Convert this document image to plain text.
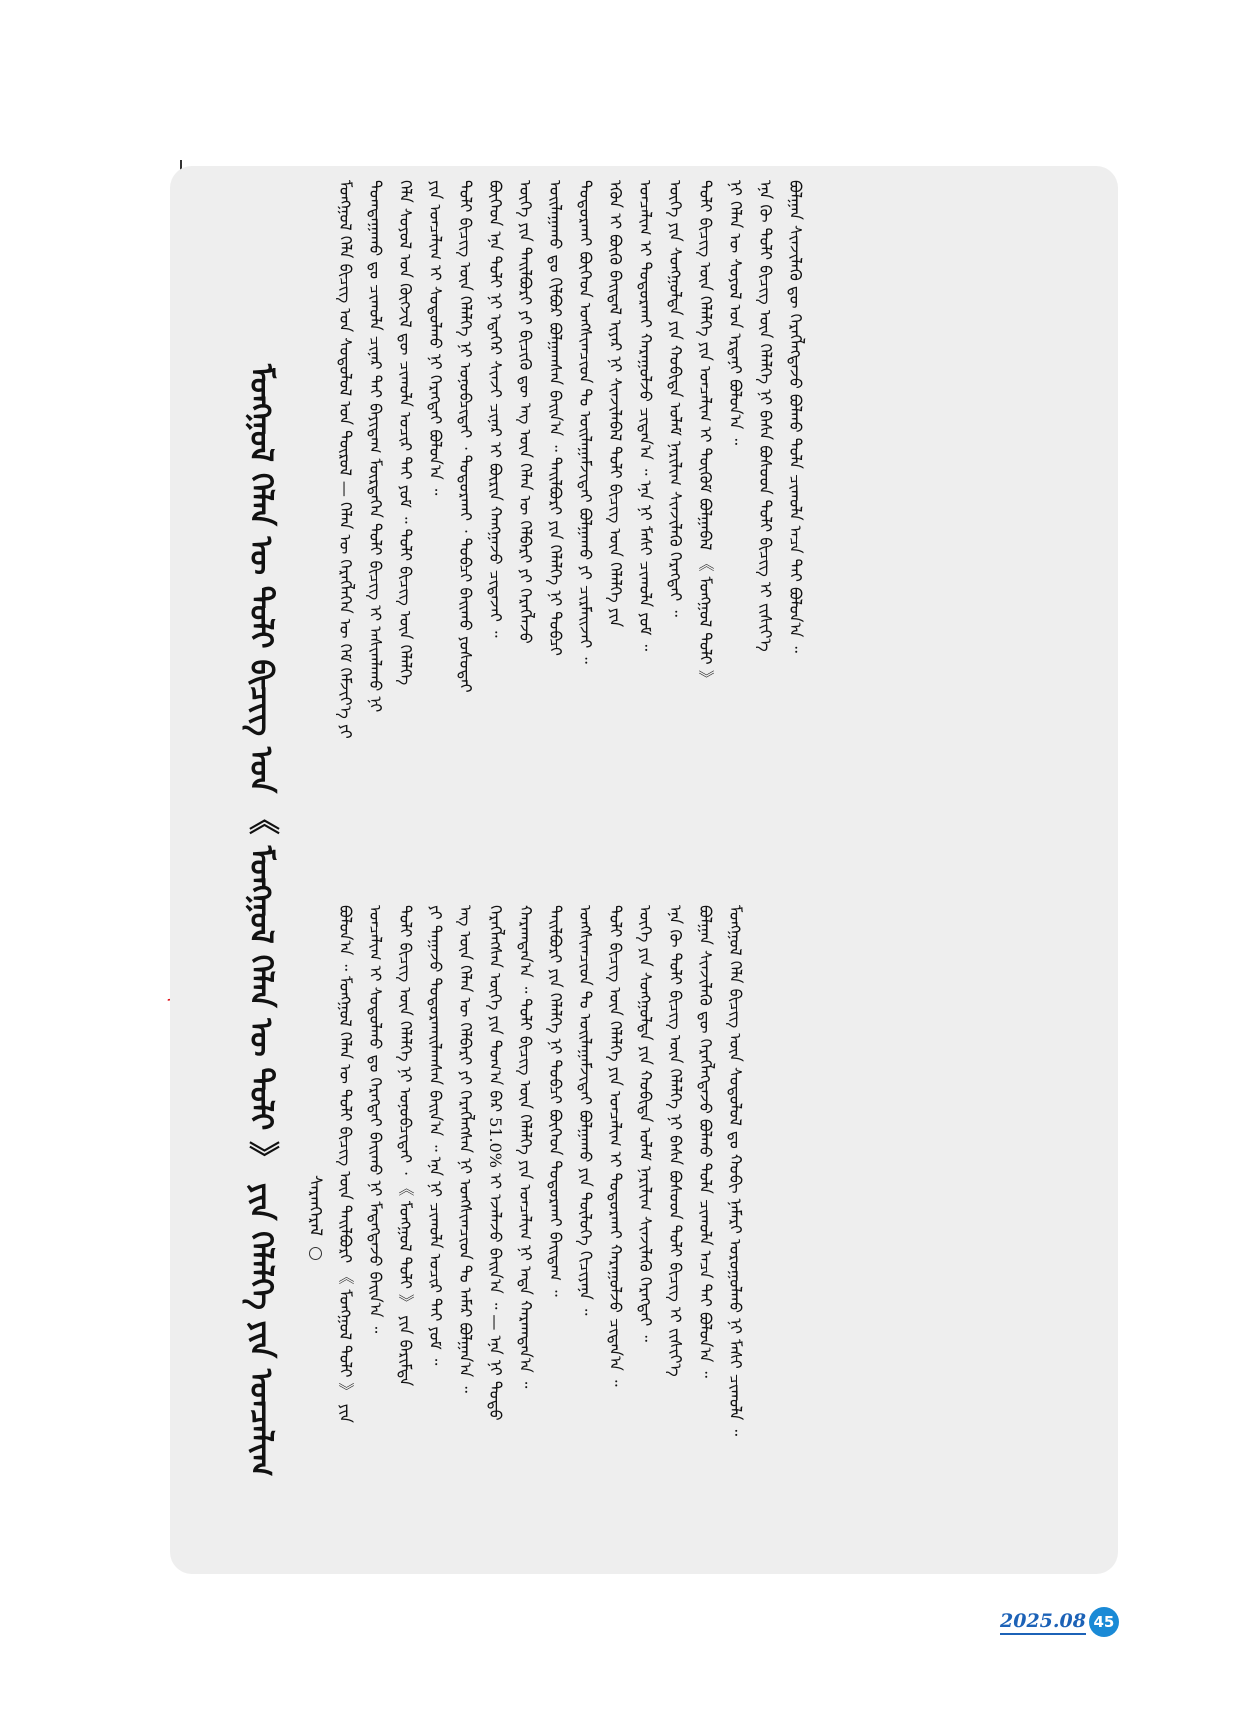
ᠮᠣᠩᠭᠣᠯ ᠬᠡᠯᠡᠨ ᠦ ᠲᠣᠯᠢ ᠪᠢᠴᠢᠭ ᠤᠨ 《 ᠮᠣᠩᠭᠣᠯ ᠬᠡᠯᠡᠨ ᠦ ᠲᠣᠯᠢ 》 ᠶᠢᠨ ᠬᠡᠯᠡᠯᠭᠡ ᠶᠢᠨ ᠣᠨᠴᠠᠯᠢᠭ ᠰᠠᠷᠠᠨᠭᠡᠷᠡᠯ
ᠮᠣᠩᠭᠣᠯ ᠬᠡᠯᠡ ᠪᠢᠴᠢᠭ ᠤᠨ ᠰᠤᠳᠤᠯᠤᠯ ᠤᠨ ᠲᠦᠷᠦᠯ — ᠬᠡᠯᠡᠨ ᠦ ᠬᠡᠷᠡᠭᠯᠡᠭᠡᠨ ᠦ ᠬᠡᠮ ᠬᠡᠮᠵᠢᠶ᠎ᠡ ᠶᠢ ᠲᠣᠭᠲᠠᠭᠠᠬᠤ ᠳᠤ ᠴᠢᠬᠤᠯᠠ ᠴᠢᠨᠠᠷ ᠲᠠᠢ ᠪᠠᠶᠢᠳᠠᠭ ᠮᠥᠷᠲᠡᠭᠡᠨ ᠲᠣᠯᠢ ᠪᠢᠴᠢᠭ ᠢ ᠠᠰᠢᠭᠯᠠᠬᠤ ᠨᠢ ᠬᠡᠯᠡ ᠰᠣᠶᠣᠯ ᠤᠨ ᠬᠥᠭᠵᠢᠯ ᠳᠦ ᠴᠢᠬᠤᠯᠠ ᠤᠴᠢᠷ ᠲᠠᠢ ᠶᠤᠮ ᠃ ᠲᠣᠯᠢ ᠪᠢᠴᠢᠭ ᠦᠨ ᠬᠡᠯᠡᠯᠭᠡ ᠶᠢᠨ ᠣᠨᠴᠠᠯᠢᠭ ᠢ ᠰᠤᠳᠤᠯᠬᠤ ᠨᠢ ᠬᠡᠷᠡᠭᠲᠡᠢ ᠪᠣᠯᠤᠨ᠎ᠠ ᠃ ᠲᠣᠯᠢ ᠪᠢᠴᠢᠭ ᠦᠨ ᠬᠡᠯᠡᠯᠭᠡ ᠨᠢ ᠣᠨᠣᠪᠴᠢᠲᠠᠢ ᠂ ᠲᠣᠳᠣᠷᠬᠠᠢ ᠂ ᠲᠣᠪᠴᠢ ᠪᠠᠢᠬᠤ ᠶᠣᠰᠣᠲᠠᠢ ᠪᠥᠭᠡᠳ ᠡᠨᠡ ᠲᠣᠯᠢ ᠨᠢ ᠡᠳᠡᠭᠡᠷ ᠰᠢᠨᠵᠢ ᠴᠢᠨᠠᠷ ᠢ ᠪᠦᠷᠢᠨ ᠬᠠᠩᠭᠠᠵᠤ ᠴᠢᠳᠠᠵᠠᠢ ᠃ ᠦᠭᠡ ᠶᠢᠨ ᠲᠠᠢᠯᠪᠤᠷᠢ ᠶᠢ ᠪᠢᠴᠢᠬᠦ ᠳᠦ ᠡᠩ ᠦᠨ ᠬᠡᠯᠡᠨ ᠦ ᠬᠡᠯᠪᠡᠷᠢ ᠶᠢ ᠬᠡᠷᠡᠭᠯᠡᠵᠦ ᠣᠢᠯᠠᠭᠠᠬᠤ ᠳᠤ ᠬᠢᠯᠪᠤᠷ ᠪᠣᠯᠭᠠᠭᠰᠠᠨ ᠪᠠᠢᠨ᠎ᠠ ᠃ ᠲᠠᠢᠯᠪᠤᠷᠢ ᠶᠢᠨ ᠬᠡᠯᠡᠯᠭᠡ ᠨᠢ ᠲᠣᠪᠴᠢ ᠲᠣᠳᠣᠷᠬᠠᠢ ᠪᠥᠭᠡᠳ ᠤᠩᠰᠢᠭᠴᠢᠳ ᠲᠤ ᠣᠢᠯᠠᠭᠠᠮᠵᠢᠲᠠᠢ ᠪᠣᠯᠭᠠᠬᠤ ᠶᠢ ᠴᠢᠷᠮᠠᠢᠵᠠᠢ ᠃ ᠡᠭᠦᠨ ᠢ ᠪᠥᠬᠦ ᠪᠠᠢᠳᠠᠯ ᠢᠶᠠᠷ ᠨᠢ ᠰᠢᠨᠵᠢᠯᠡᠪᠡᠯ ᠲᠣᠯᠢ ᠪᠢᠴᠢᠭ ᠦᠨ ᠬᠡᠯᠡᠯᠭᠡ ᠶᠢᠨ ᠣᠨᠴᠠᠯᠢᠭ ᠢ ᠲᠣᠳᠣᠷᠬᠠᠢ ᠬᠠᠷᠠᠭᠤᠯᠵᠤ ᠴᠢᠳᠠᠨ᠎ᠠ ᠃ ᠡᠨᠡ ᠨᠢ ᠮᠠᠰᠢ ᠴᠢᠬᠤᠯᠠ ᠶᠤᠮ ᠃ ᠦᠭᠡ ᠶᠢᠨ ᠰᠣᠩᠭᠣᠯᠲᠠ ᠶᠢᠨ ᠬᠤᠪᠢᠳᠠ ᠤᠯᠠᠮ ᠨᠠᠷᠢᠯᠢᠭ ᠰᠢᠨᠵᠢᠯᠡᠬᠦ ᠬᠡᠷᠡᠭᠲᠡᠢ ᠃ ᠲᠣᠯᠢ ᠪᠢᠴᠢᠭ ᠦᠨ ᠬᠡᠯᠡᠯᠭᠡ ᠶᠢᠨ ᠣᠨᠴᠠᠯᠢᠭ ᠢ ᠳᠦᠭᠦᠮ ᠪᠣᠯᠭᠠᠪᠠᠯ 《 ᠮᠣᠩᠭᠣᠯ ᠲᠣᠯᠢ 》 ᠨᠢ ᠬᠡᠯᠡᠨ ᠦ ᠰᠣᠶᠣᠯ ᠤᠨ ᠡᠷᠳᠡᠨᠢ ᠪᠣᠯᠤᠨ᠎ᠠ ᠃ ᠡᠨᠡ ᠬᠦ ᠲᠣᠯᠢ ᠪᠢᠴᠢᠭ ᠦᠨ ᠬᠡᠯᠡᠯᠭᠡ ᠨᠢ ᠪᠠᠰᠠ ᠪᠤᠰᠤᠳ ᠲᠣᠯᠢ ᠪᠢᠴᠢᠭ ᠢ ᠵᠢᠱᠢᠶ᠎ᠡ ᠪᠣᠯᠭᠠᠨ ᠰᠢᠨᠵᠢᠯᠡᠬᠦ ᠳᠦ ᠬᠡᠷᠡᠭᠯᠡᠭᠳᠡᠵᠦ ᠪᠣᠯᠬᠤ ᠲᠤᠯᠠ ᠴᠢᠬᠤᠯᠠ ᠠᠴᠠ ᠲᠠᠢ ᠪᠣᠯᠤᠨ᠎ᠠ ᠃
ᠪᠣᠯᠤᠨ᠎ᠠ ᠃ ᠮᠣᠩᠭᠣᠯ ᠬᠡᠯᠡᠨ ᠦ ᠲᠣᠯᠢ ᠪᠢᠴᠢᠭ ᠦᠨ ᠲᠠᠢᠯᠪᠤᠷᠢ 《 ᠮᠣᠩᠭᠣᠯ ᠲᠣᠯᠢ 》 ᠶᠢᠨ ᠣᠨᠴᠠᠯᠢᠭ ᠢ ᠰᠤᠳᠤᠯᠬᠤ ᠳᠤ ᠬᠡᠷᠡᠭᠲᠡᠢ ᠪᠠᠢᠬᠤ ᠨᠢ ᠮᠡᠳᠡᠭᠳᠡᠵᠦ ᠪᠠᠢᠨ᠎ᠠ ᠃ ᠲᠣᠯᠢ ᠪᠢᠴᠢᠭ ᠦᠨ ᠬᠡᠯᠡᠯᠭᠡ ᠨᠢ ᠣᠨᠣᠪᠴᠢᠲᠠᠢ ᠂ 《 ᠮᠣᠩᠭᠣᠯ ᠲᠣᠯᠢ 》 ᠶᠢᠨ ᠪᠠᠷᠢᠮᠲᠠ ᠶᠢ ᠳᠠᠭᠠᠵᠤ ᠲᠣᠳᠣᠷᠬᠠᠢᠯᠠᠭᠰᠠᠨ ᠪᠠᠢᠨ᠎ᠠ ᠃ ᠡᠨᠡ ᠨᠢ ᠴᠢᠬᠤᠯᠠ ᠤᠴᠢᠷ ᠲᠠᠢ ᠶᠤᠮ ᠃ ᠡᠩ ᠦᠨ ᠬᠡᠯᠡᠨ ᠦ ᠬᠡᠯᠪᠡᠷᠢ ᠶᠢ ᠬᠡᠷᠡᠭᠯᠡᠭᠰᠡᠨ ᠨᠢ ᠤᠩᠰᠢᠭᠴᠢᠳ ᠲᠤ ᠠᠮᠠᠷ ᠪᠣᠯᠭᠠᠨ᠎ᠠ ᠃ ᠬᠡᠷᠡᠭᠯᠡᠭᠰᠡᠨ ᠦᠭᠡ ᠶᠢᠨ ᠲᠣᠭ᠎ᠠ ᠪᠠᠷ 51.0% ᠢ ᠡᠵᠡᠯᠡᠵᠦ ᠪᠠᠢᠨ᠎ᠠ ᠃ — ᠡᠨᠡ ᠨᠢ ᠲᠣᠳᠣ ᠬᠠᠷᠠᠭᠳᠠᠨ᠎ᠠ ᠃ ᠲᠣᠯᠢ ᠪᠢᠴᠢᠭ ᠦᠨ ᠬᠡᠯᠡᠯᠭᠡ ᠶᠢᠨ ᠣᠨᠴᠠᠯᠢᠭ ᠨᠢ ᠡᠨᠳᠡ ᠬᠠᠷᠠᠭᠳᠠᠨ᠎ᠠ ᠃ ᠲᠠᠢᠯᠪᠤᠷᠢ ᠶᠢᠨ ᠬᠡᠯᠡᠯᠭᠡ ᠨᠢ ᠲᠣᠪᠴᠢ ᠪᠥᠭᠡᠳ ᠲᠣᠳᠣᠷᠬᠠᠢ ᠪᠠᠢᠳᠠᠭ ᠃ ᠤᠩᠰᠢᠭᠴᠢᠳ ᠲᠤ ᠣᠢᠯᠠᠭᠠᠮᠵᠢᠲᠠᠢ ᠪᠣᠯᠭᠠᠬᠤ ᠶᠢᠨ ᠲᠥᠯᠦᠭᠡ ᠬᠢᠴᠢᠶᠡᠨᠡ ᠃ ᠲᠣᠯᠢ ᠪᠢᠴᠢᠭ ᠦᠨ ᠬᠡᠯᠡᠯᠭᠡ ᠶᠢᠨ ᠣᠨᠴᠠᠯᠢᠭ ᠢ ᠲᠣᠳᠣᠷᠬᠠᠢ ᠬᠠᠷᠠᠭᠤᠯᠵᠤ ᠴᠢᠳᠠᠨ᠎ᠠ ᠃ ᠦᠭᠡ ᠶᠢᠨ ᠰᠣᠩᠭᠣᠯᠲᠠ ᠶᠢᠨ ᠬᠤᠪᠢᠳᠠ ᠤᠯᠠᠮ ᠨᠠᠷᠢᠯᠢᠭ ᠰᠢᠨᠵᠢᠯᠡᠬᠦ ᠬᠡᠷᠡᠭᠲᠡᠢ ᠃ ᠡᠨᠡ ᠬᠦ ᠲᠣᠯᠢ ᠪᠢᠴᠢᠭ ᠦᠨ ᠬᠡᠯᠡᠯᠭᠡ ᠨᠢ ᠪᠠᠰᠠ ᠪᠤᠰᠤᠳ ᠲᠣᠯᠢ ᠪᠢᠴᠢᠭ ᠢ ᠵᠢᠱᠢᠶ᠎ᠡ ᠪᠣᠯᠭᠠᠨ ᠰᠢᠨᠵᠢᠯᠡᠬᠦ ᠳᠦ ᠬᠡᠷᠡᠭᠯᠡᠭᠳᠡᠵᠦ ᠪᠣᠯᠬᠤ ᠲᠤᠯᠠ ᠴᠢᠬᠤᠯᠠ ᠠᠴᠠ ᠲᠠᠢ ᠪᠣᠯᠤᠨ᠎ᠠ ᠃ ᠮᠣᠩᠭᠣᠯ ᠬᠡᠯᠡ ᠪᠢᠴᠢᠭ ᠦᠨ ᠰᠤᠳᠤᠯᠤᠯ ᠳᠤ ᠬᠤᠪᠢ ᠨᠡᠮᠡᠷᠢ ᠣᠷᠤᠭᠤᠯᠬᠤ ᠨᠢ ᠮᠠᠰᠢ ᠴᠢᠬᠤᠯᠠ ᠃
2025.08 45
